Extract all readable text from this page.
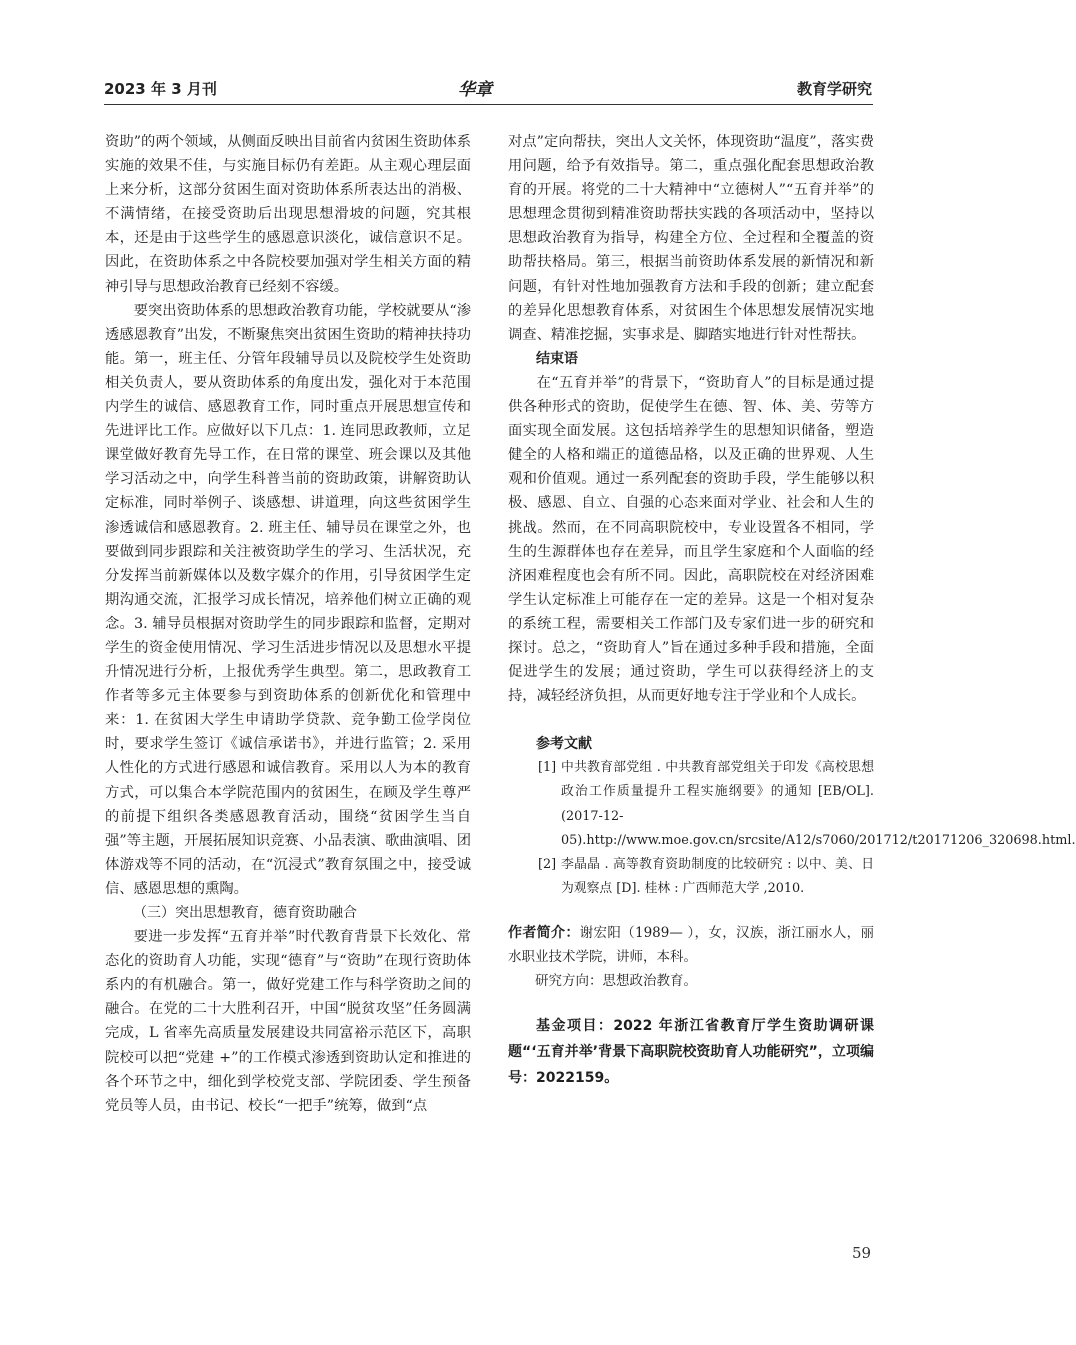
2023 年 3 月刊	华章	教育学研究

资助”的两个领域，从侧面反映出目前省内贫困生资助体系实施的效果不佳，与实施目标仍有差距。从主观心理层面上来分析，这部分贫困生面对资助体系所表达出的消极、不满情绪，在接受资助后出现思想滑坡的问题，究其根本，还是由于这些学生的感恩意识淡化，诚信意识不足。因此，在资助体系之中各院校要加强对学生相关方面的精神引导与思想政治教育已经刻不容缓。

要突出资助体系的思想政治教育功能，学校就要从“渗透感恩教育”出发，不断聚焦突出贫困生资助的精神扶持功能。第一，班主任、分管年段辅导员以及院校学生处资助相关负责人，要从资助体系的角度出发，强化对于本范围内学生的诚信、感恩教育工作，同时重点开展思想宣传和先进评比工作。应做好以下几点：1. 连同思政教师，立足课堂做好教育先导工作，在日常的课堂、班会课以及其他学习活动之中，向学生科普当前的资助政策，讲解资助认定标准，同时举例子、谈感想、讲道理，向这些贫困学生渗透诚信和感恩教育。2. 班主任、辅导员在课堂之外，也要做到同步跟踪和关注被资助学生的学习、生活状况，充分发挥当前新媒体以及数字媒介的作用，引导贫困学生定期沟通交流，汇报学习成长情况，培养他们树立正确的观念。3. 辅导员根据对资助学生的同步跟踪和监督，定期对学生的资金使用情况、学习生活进步情况以及思想水平提升情况进行分析，上报优秀学生典型。第二，思政教育工作者等多元主体要参与到资助体系的创新优化和管理中来：1. 在贫困大学生申请助学贷款、竞争勤工俭学岗位时，要求学生签订《诚信承诺书》，并进行监管；2. 采用人性化的方式进行感恩和诚信教育。采用以人为本的教育方式，可以集合本学院范围内的贫困生，在顾及学生尊严的前提下组织各类感恩教育活动，围绕“贫困学生当自强”等主题，开展拓展知识竞赛、小品表演、歌曲演唱、团体游戏等不同的活动，在“沉浸式”教育氛围之中，接受诚信、感恩思想的熏陶。

（三）突出思想教育，德育资助融合

要进一步发挥“五育并举”时代教育背景下长效化、常态化的资助育人功能，实现“德育”与“资助”在现行资助体系内的有机融合。第一，做好党建工作与科学资助之间的融合。在党的二十大胜利召开，中国“脱贫攻坚”任务圆满完成，L 省率先高质量发展建设共同富裕示范区下，高职院校可以把“党建 +”的工作模式渗透到资助认定和推进的各个环节之中，细化到学校党支部、学院团委、学生预备党员等人员，由书记、校长“一把手”统筹，做到“点

对点”定向帮扶，突出人文关怀，体现资助“温度”，落实费用问题，给予有效指导。第二，重点强化配套思想政治教育的开展。将党的二十大精神中“立德树人”“五育并举”的思想理念贯彻到精准资助帮扶实践的各项活动中，坚持以思想政治教育为指导，构建全方位、全过程和全覆盖的资助帮扶格局。第三，根据当前资助体系发展的新情况和新问题，有针对性地加强教育方法和手段的创新；建立配套的差异化思想教育体系，对贫困生个体思想发展情况实地调查、精准挖掘，实事求是、脚踏实地进行针对性帮扶。

结束语

在“五育并举”的背景下，“资助育人”的目标是通过提供各种形式的资助，促使学生在德、智、体、美、劳等方面实现全面发展。这包括培养学生的思想知识储备，塑造健全的人格和端正的道德品格，以及正确的世界观、人生观和价值观。通过一系列配套的资助手段，学生能够以积极、感恩、自立、自强的心态来面对学业、社会和人生的挑战。然而，在不同高职院校中，专业设置各不相同，学生的生源群体也存在差异，而且学生家庭和个人面临的经济困难程度也会有所不同。因此，高职院校在对经济困难学生认定标准上可能存在一定的差异。这是一个相对复杂的系统工程，需要相关工作部门及专家们进一步的研究和探讨。总之，“资助育人”旨在通过多种手段和措施，全面促进学生的发展；通过资助，学生可以获得经济上的支持，减轻经济负担，从而更好地专注于学业和个人成长。

参考文献

[1] 中共教育部党组 . 中共教育部党组关于印发《高校思想政治工作质量提升工程实施纲要》的通知 [EB/OL].(2017-12-05).http://www.moe.gov.cn/srcsite/A12/s7060/201712/t20171206_320698.html.
[2] 李晶晶 . 高等教育资助制度的比较研究 : 以中、美、日为观察点 [D]. 桂林 : 广西师范大学 ,2010.

作者简介：谢宏阳（1989— ），女，汉族，浙江丽水人，丽水职业技术学院，讲师，本科。

研究方向：思想政治教育。

基金项目：2022 年浙江省教育厅学生资助调研课题“‘五育并举’背景下高职院校资助育人功能研究”，立项编号：2022159。

59
